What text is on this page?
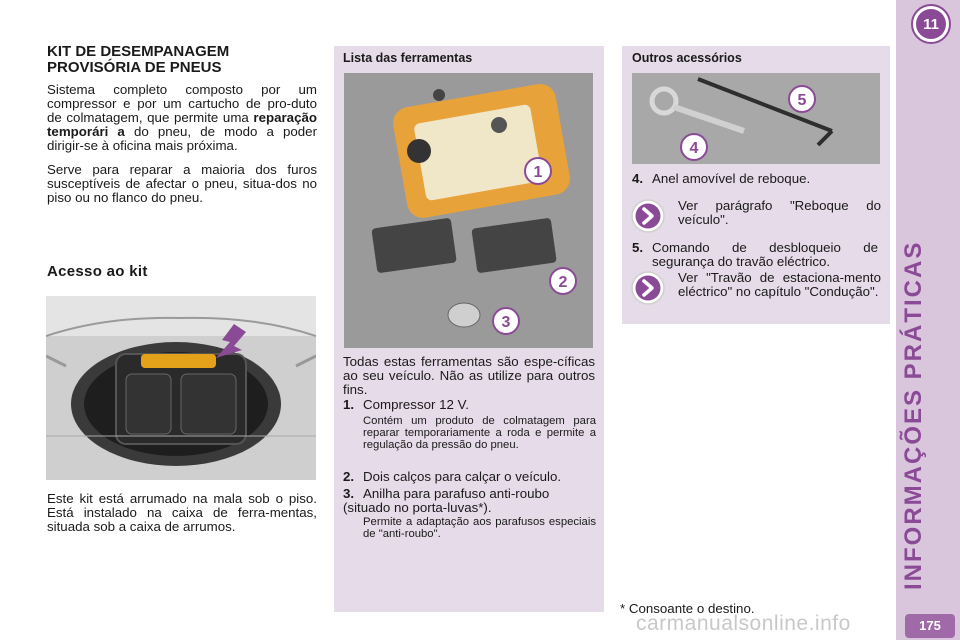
11
INFORMAÇÕES PRÁTICAS
175
carmanualsonline.info
KIT DE DESEMPANAGEM
PROVISÓRIA DE PNEUS
Sistema completo composto por um compressor e por um cartucho de pro-duto de colmatagem, que permite uma reparação temporári a do pneu, de modo a poder dirigir-se à oficina mais próxima.
Serve para reparar a maioria dos furos susceptíveis de afectar o pneu, situa-dos no piso ou no flanco do pneu.
Acesso ao kit
Este kit está arrumado na mala sob o piso. Está instalado na caixa de ferra-mentas, situada sob a caixa de arrumos.
Lista das ferramentas
1
2
3
Todas estas ferramentas são espe-cíficas ao seu veículo. Não as utilize para outros fins.
1. Compressor 12 V.
Contém um produto de colmatagem para reparar temporariamente a roda e permite a regulação da pressão do pneu.
2. Dois calços para calçar o veículo.
3. Anilha para parafuso anti-roubo (situado no porta-luvas*).
Permite a adaptação aos parafusos especiais de "anti-roubo".
Outros acessórios
5
4
4. Anel amovível de reboque.
Ver parágrafo "Reboque do veículo".
5. Comando de desbloqueio de segurança do travão eléctrico.
Ver "Travão de estaciona-mento eléctrico" no capítulo "Condução".
* Consoante o destino.
